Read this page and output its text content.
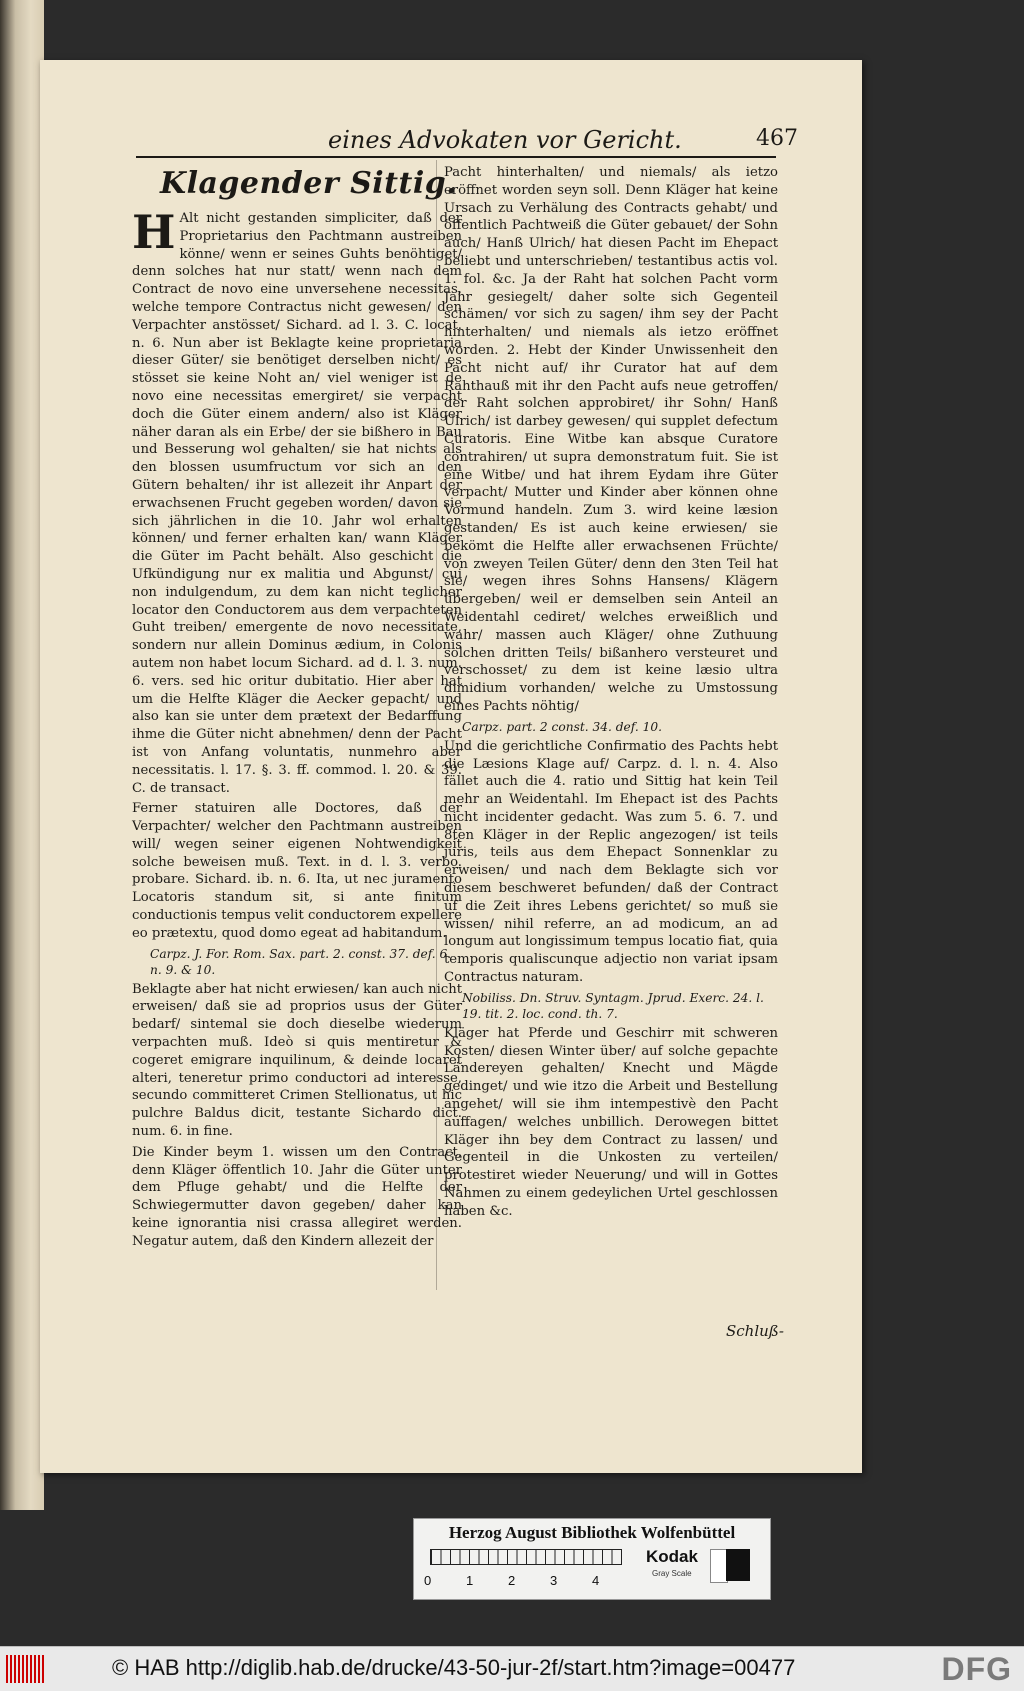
eines Advokaten vor Gericht.	467
Klagender Sittig.

H Alt nicht gestanden simpliciter, daß der Proprietarius den Pachtmann austreiben könne/ wenn er seines Guhts benöhtiget/ denn solches hat nur statt/ wenn nach dem Contract de novo eine unversehene necessitas, welche tempore Contractus nicht gewesen/ den Verpachter anstösset/ Sichard. ad l. 3. C. locat. n. 6. Nun aber ist Beklagte keine proprietaria dieser Güter/ sie benötiget derselben nicht/ es stösset sie keine Noht an/ viel weniger ist de novo eine necessitas emergiret/ sie verpacht doch die Güter einem andern/ also ist Kläger näher daran als ein Erbe/ der sie bißhero in Bau und Besserung wol gehalten/ sie hat nichts als den blossen usumfructum vor sich an den Gütern behalten/ ihr ist allezeit ihr Anpart der erwachsenen Frucht gegeben worden/ davon sie sich jährlichen in die 10. Jahr wol erhalten können/ und ferner erhalten kan/ wann Kläger die Güter im Pacht behält. Also geschicht die Ufkündigung nur ex malitia und Abgunst/ cui non indulgendum, zu dem kan nicht teglicher locator den Conductorem aus dem verpachteten Guht treiben/ emergente de novo necessitate, sondern nur allein Dominus ædium, in Colonis autem non habet locum Sichard. ad d. l. 3. num. 6. vers. sed hic oritur dubitatio. Hier aber hat um die Helfte Kläger die Aecker gepacht/ und also kan sie unter dem prætext der Bedarffung ihme die Güter nicht abnehmen/ denn der Pacht ist von Anfang voluntatis, nunmehro aber necessitatis. l. 17. §. 3. ff. commod. l. 20. & 39. C. de transact.

Ferner statuiren alle Doctores, daß der Verpachter/ welcher den Pachtmann austreiben will/ wegen seiner eigenen Nohtwendigkeit solche beweisen muß. Text. in d. l. 3. verbo. probare. Sichard. ib. n. 6. Ita, ut nec juramento Locatoris standum sit, si ante finitum conductionis tempus velit conductorem expellere eo prætextu, quod domo egeat ad habitandum.

Carpz. J. For. Rom. Sax. part. 2. const. 37. def. 6. n. 9. & 10.

Beklagte aber hat nicht erwiesen/ kan auch nicht erweisen/ daß sie ad proprios usus der Güter bedarf/ sintemal sie doch dieselbe wiederum verpachten muß. Ideò si quis mentiretur & cogeret emigrare inquilinum, & deinde locaret alteri, teneretur primo conductori ad interesse, secundo committeret Crimen Stellionatus, ut hic pulchre Baldus dicit, testante Sichardo dict. num. 6. in fine.

Die Kinder beym 1. wissen um den Contract, denn Kläger öffentlich 10. Jahr die Güter unter dem Pfluge gehabt/ und die Helfte der Schwiegermutter davon gegeben/ daher kan keine ignorantia nisi crassa allegiret werden. Negatur autem, daß den Kindern allezeit der

Pacht hinterhalten/ und niemals/ als ietzo eröffnet worden seyn soll. Denn Kläger hat keine Ursach zu Verhälung des Contracts gehabt/ und öffentlich Pachtweiß die Güter gebauet/ der Sohn auch/ Hanß Ulrich/ hat diesen Pacht im Ehepact beliebt und unterschrieben/ testantibus actis vol. 1. fol. &c. Ja der Raht hat solchen Pacht vorm Jahr gesiegelt/ daher solte sich Gegenteil schämen/ vor sich zu sagen/ ihm sey der Pacht hinterhalten/ und niemals als ietzo eröffnet worden. 2. Hebt der Kinder Unwissenheit den Pacht nicht auf/ ihr Curator hat auf dem Rahthauß mit ihr den Pacht aufs neue getroffen/ der Raht solchen approbiret/ ihr Sohn/ Hanß Ulrich/ ist darbey gewesen/ qui supplet defectum Curatoris. Eine Witbe kan absque Curatore contrahiren/ ut supra demonstratum fuit. Sie ist eine Witbe/ und hat ihrem Eydam ihre Güter verpacht/ Mutter und Kinder aber können ohne Vormund handeln. Zum 3. wird keine læsion gestanden/ Es ist auch keine erwiesen/ sie bekömt die Helfte aller erwachsenen Früchte/ von zweyen Teilen Güter/ denn den 3ten Teil hat sie/ wegen ihres Sohns Hansens/ Klägern übergeben/ weil er demselben sein Anteil an Weidentahl cediret/ welches erweißlich und wahr/ massen auch Kläger/ ohne Zuthuung solchen dritten Teils/ bißanhero versteuret und verschosset/ zu dem ist keine læsio ultra dimidium vorhanden/ welche zu Umstossung eines Pachts nöhtig/

Carpz. part. 2 const. 34. def. 10.

Und die gerichtliche Confirmatio des Pachts hebt die Læsions Klage auf/ Carpz. d. l. n. 4. Also fället auch die 4. ratio und Sittig hat kein Teil mehr an Weidentahl. Im Ehepact ist des Pachts nicht incidenter gedacht. Was zum 5. 6. 7. und 8ten Kläger in der Replic angezogen/ ist teils juris, teils aus dem Ehepact Sonnenklar zu erweisen/ und nach dem Beklagte sich vor diesem beschweret befunden/ daß der Contract uf die Zeit ihres Lebens gerichtet/ so muß sie wissen/ nihil referre, an ad modicum, an ad longum aut longissimum tempus locatio fiat, quia temporis qualiscunque adjectio non variat ipsam Contractus naturam.

Nobiliss. Dn. Struv. Syntagm. Jprud. Exerc. 24. l. 19. tit. 2. loc. cond. th. 7.

Kläger hat Pferde und Geschirr mit schweren Kosten/ diesen Winter über/ auf solche gepachte Ländereyen gehalten/ Knecht und Mägde gedinget/ und wie itzo die Arbeit und Bestellung angehet/ will sie ihm intempestivè den Pacht auffagen/ welches unbillich. Derowegen bittet Kläger ihn bey dem Contract zu lassen/ und Gegenteil in die Unkosten zu verteilen/ protestiret wieder Neuerung/ und will in Gottes Nahmen zu einem gedeylichen Urtel geschlossen haben &c.

Schluß-
Herzog August Bibliothek Wolfenbüttel
0	1	2	3	4
Kodak
Gray Scale
© HAB http://diglib.hab.de/drucke/43-50-jur-2f/start.htm?image=00477	DFG
